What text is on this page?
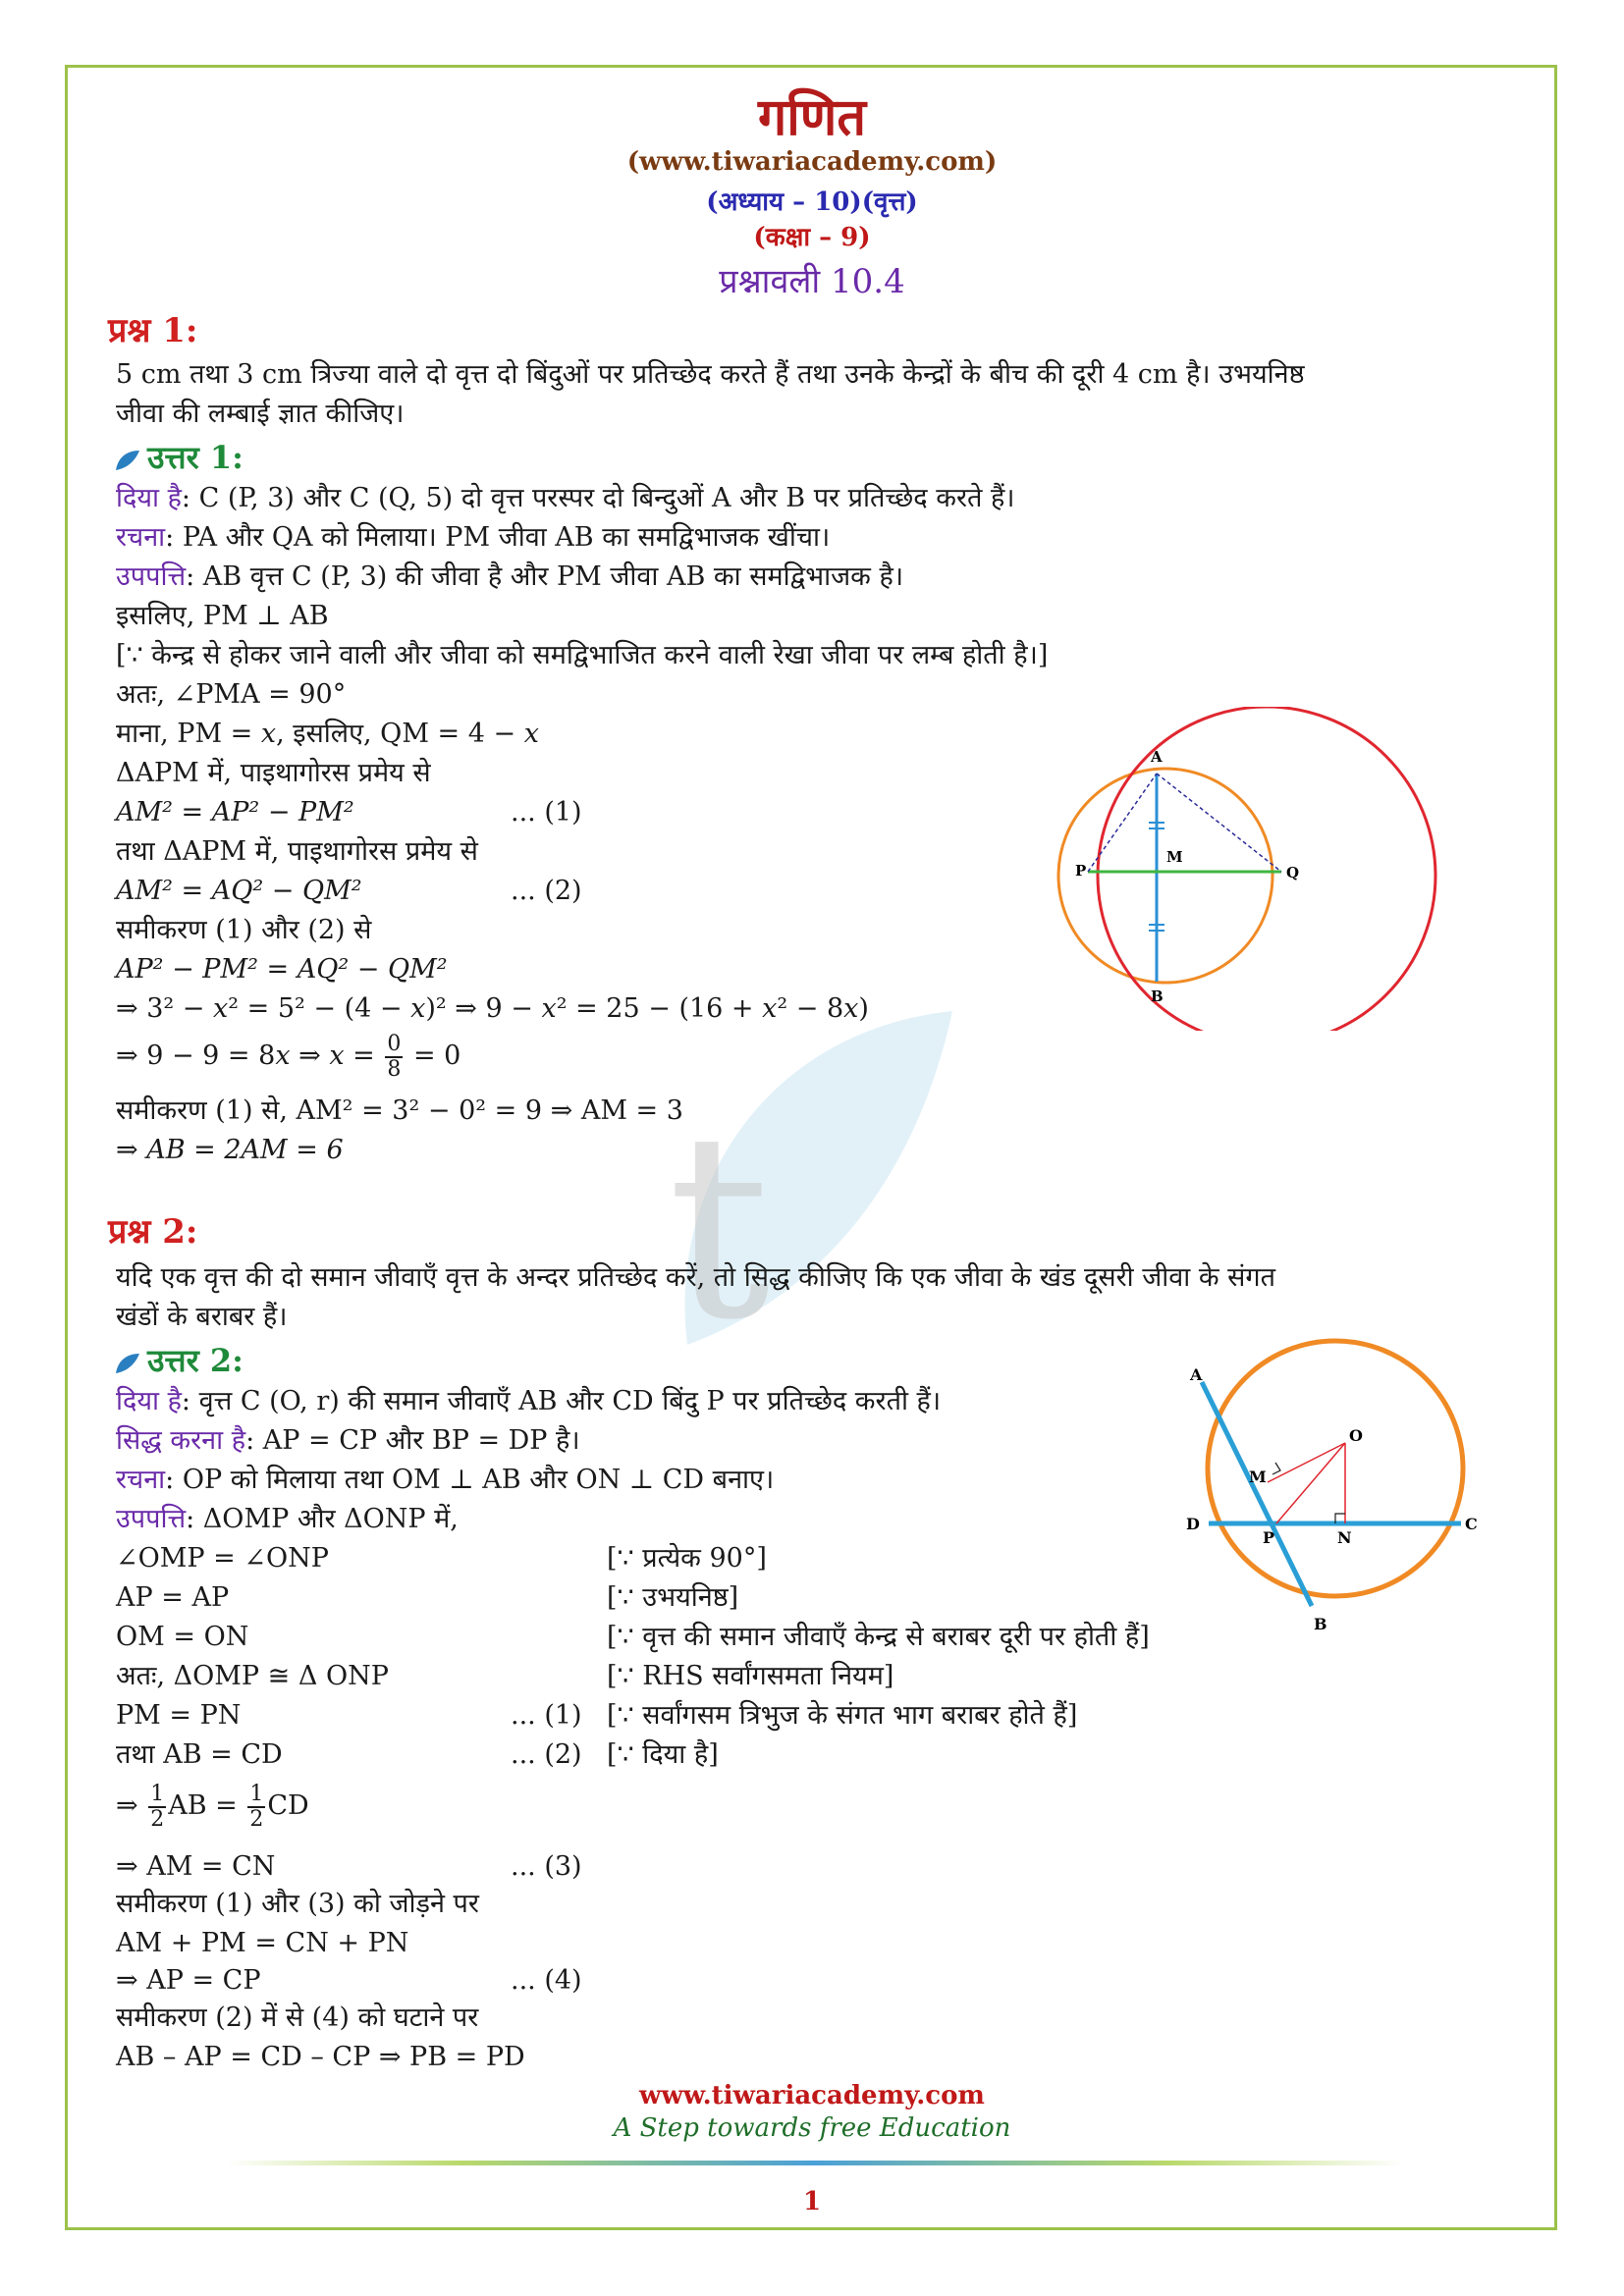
t
गणित
(www.tiwariacademy.com)
(अध्याय – 10)(वृत्त)
(कक्षा – 9)
प्रश्नावली 10.4
प्रश्न 1:
5 cm तथा 3 cm त्रिज्या वाले दो वृत्त दो बिंदुओं पर प्रतिच्छेद करते हैं तथा उनके केन्द्रों के बीच की दूरी 4 cm है। उभयनिष्ठ
जीवा की लम्बाई ज्ञात कीजिए।
उत्तर 1:
दिया है: C (P, 3) और C (Q, 5) दो वृत्त परस्पर दो बिन्दुओं A और B पर प्रतिच्छेद करते हैं।
रचना: PA और QA को मिलाया। PM जीवा AB का समद्विभाजक खींचा।
उपपत्ति: AB वृत्त C (P, 3) की जीवा है और PM जीवा AB का समद्विभाजक है।
इसलिए, PM ⊥ AB
[∵ केन्द्र से होकर जाने वाली और जीवा को समद्विभाजित करने वाली रेखा जीवा पर लम्ब होती है।]
अतः, ∠PMA = 90°
माना, PM = 𝑥, इसलिए, QM = 4 − 𝑥
ΔAPM में, पाइथागोरस प्रमेय से
AM² = AP² − PM²	... (1)
तथा ΔAPM में, पाइथागोरस प्रमेय से
AM² = AQ² − QM²	... (2)
समीकरण (1) और (2) से
AP² − PM² = AQ² − QM²
⇒ 3² − 𝑥² = 5² − (4 − 𝑥)² ⇒ 9 − 𝑥² = 25 − (16 + 𝑥² − 8𝑥)
⇒ 9 − 9 = 8𝑥 ⇒ 𝑥 = $\frac{0}{8} = 0$
समीकरण (1) से, AM² = 3² − 0² = 9 ⇒ AM = 3
⇒ AB = 2AM = 6
A
B
P	Q
M
प्रश्न 2:
यदि एक वृत्त की दो समान जीवाएँ वृत्त के अन्दर प्रतिच्छेद करें, तो सिद्ध कीजिए कि एक जीवा के खंड दूसरी जीवा के संगत
खंडों के बराबर हैं।
उत्तर 2:
दिया है: वृत्त C (O, r) की समान जीवाएँ AB और CD बिंदु P पर प्रतिच्छेद करती हैं।
सिद्ध करना है: AP = CP और BP = DP है।
रचना: OP को मिलाया तथा OM ⊥ AB और ON ⊥ CD बनाए।
उपपत्ति: ΔOMP और ΔONP में,
∠OMP = ∠ONP	[∵ प्रत्येक 90°]
AP = AP	[∵ उभयनिष्ठ]
OM = ON	[∵ वृत्त की समान जीवाएँ केन्द्र से बराबर दूरी पर होती हैं]
अतः, ΔOMP ≅ Δ ONP	[∵ RHS सर्वांगसमता नियम]
PM = PN	... (1) [∵ सर्वांगसम त्रिभुज के संगत भाग बराबर होते हैं]
तथा AB = CD	... (2) [∵ दिया है]
⇒ $\frac{1}{2}$ AB = $\frac{1}{2}$ CD
⇒ AM = CN	... (3)
समीकरण (1) और (3) को जोड़ने पर
AM + PM = CN + PN
⇒ AP = CP	... (4)
समीकरण (2) में से (4) को घटाने पर
AB – AP = CD – CP ⇒ PB = PD
A
B
C
D
O
M
N
P
www.tiwariacademy.com
A Step towards free Education
1
